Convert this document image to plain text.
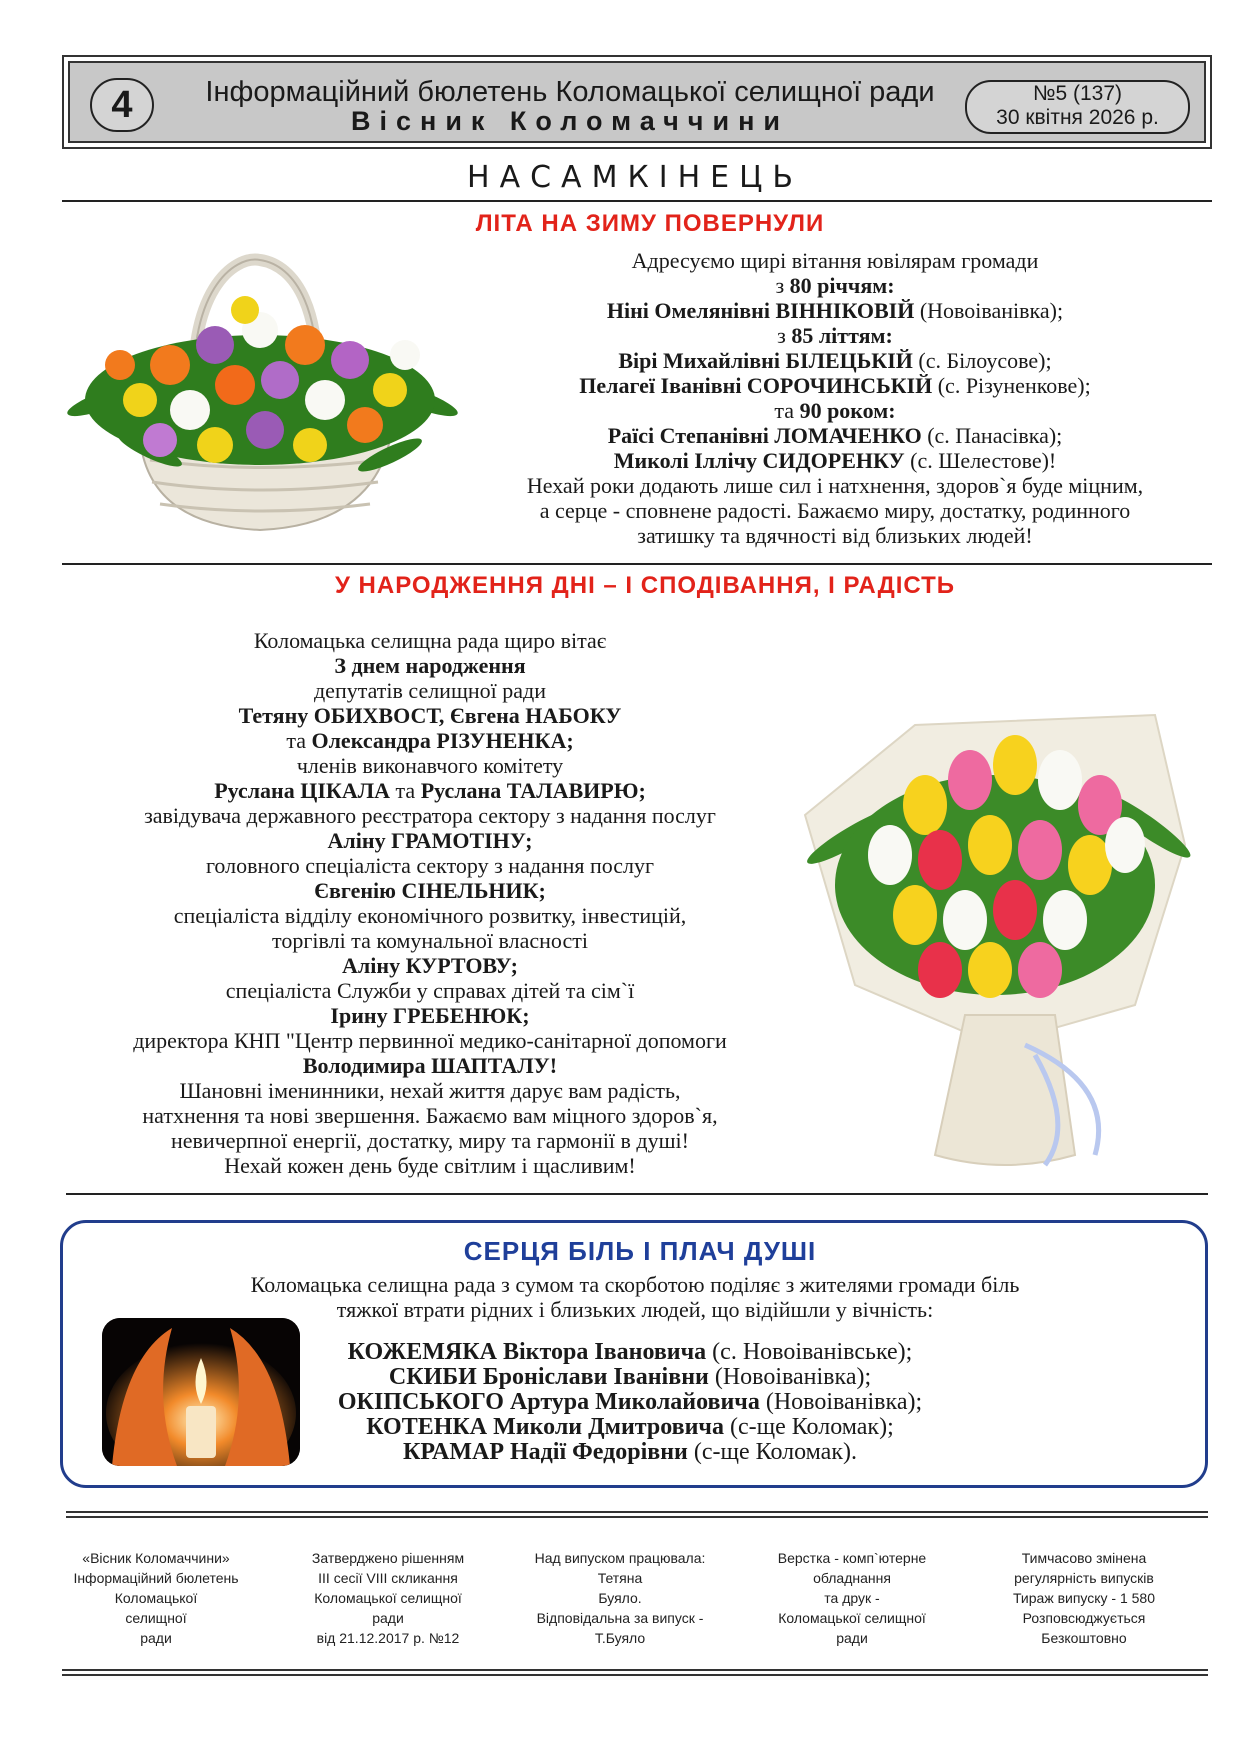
4	Інформаційний бюлетень Коломацької селищної ради
Вісник Коломаччини
№5 (137)
30 квітня 2026 р.
НАСАМКІНЕЦЬ
ЛІТА НА ЗИМУ ПОВЕРНУЛИ
Адресуємо щирі вітання ювілярам громади
з 80 річчям:
Ніні Омелянівні ВІННІКОВІЙ (Новоіванівка);
з 85 літтям:
Вірі Михайлівні БІЛЕЦЬКІЙ (с. Білоусове);
Пелагеї Іванівні СОРОЧИНСЬКІЙ (с. Різуненкове);
та 90 роком:
Раїсі Степанівні ЛОМАЧЕНКО (с. Панасівка);
Миколі Іллічу СИДОРЕНКУ (с. Шелестове)!
Нехай роки додають лише сил і натхнення, здоров`я буде міцним,
а серце - сповнене радості. Бажаємо миру, достатку, родинного
затишку та вдячності від близьких людей!
У НАРОДЖЕННЯ ДНІ – І СПОДІВАННЯ, І РАДІСТЬ
Коломацька селищна рада щиро вітає
З днем народження
депутатів селищної ради
Тетяну ОБИХВОСТ, Євгена НАБОКУ
та Олександра РІЗУНЕНКА;
членів виконавчого комітету
Руслана ЦІКАЛА та Руслана ТАЛАВИРЮ;
завідувача державного реєстратора сектору з надання послуг
Аліну ГРАМОТІНУ;
головного спеціаліста сектору з надання послуг
Євгенію СІНЕЛЬНИК;
спеціаліста відділу економічного розвитку, інвестицій,
торгівлі та комунальної власності
Аліну КУРТОВУ;
спеціаліста Служби у справах дітей та сім`ї
Ірину ГРЕБЕНЮК;
директора КНП "Центр первинної медико-санітарної допомоги
Володимира ШАПТАЛУ!
Шановні іменинники, нехай життя дарує вам радість,
натхнення та нові звершення. Бажаємо вам міцного здоров`я,
невичерпної енергії, достатку, миру та гармонії в душі!
Нехай кожен день буде світлим і щасливим!
СЕРЦЯ БІЛЬ І ПЛАЧ ДУШІ
Коломацька селищна рада з сумом та скорботою поділяє з жителями громади біль
тяжкої втрати рідних і близьких людей, що відійшли у вічність:
КОЖЕМЯКА Віктора Івановича (с. Новоіванівське);
СКИБИ Броніслави Іванівни (Новоіванівка);
ОКІПСЬКОГО Артура Миколайовича (Новоіванівка);
КОТЕНКА Миколи Дмитровича (с-ще Коломак);
КРАМАР Надії Федорівни (с-ще Коломак).
«Вісник Коломаччини»
Інформаційний бюлетень
Коломацької
селищної
ради
Затверджено рішенням
ІІІ сесії VIII скликання
Коломацької селищної
ради
від 21.12.2017 р. №12
Над випуском працювала:
Тетяна
Буяло.
Відповідальна за випуск -
Т.Буяло
Верстка - комп`ютерне
обладнання
та друк -
Коломацької селищної
ради
Тимчасово змінена
регулярність випусків
Тираж випуску - 1 580
Розповсюджується
Безкоштовно
